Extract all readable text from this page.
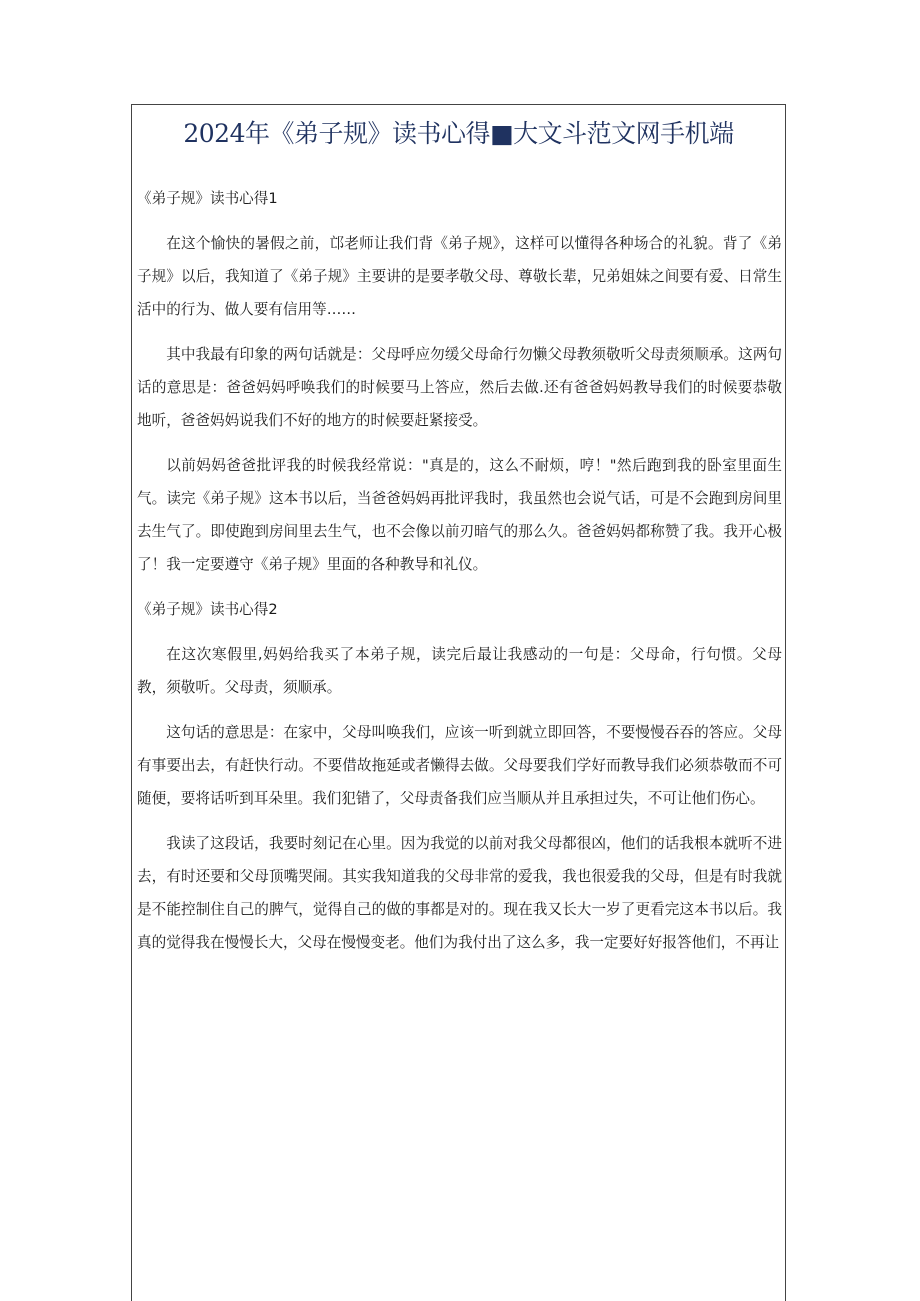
2024年《弟子规》读书心得■大文斗范文网手机端

《弟子规》读书心得1

在这个愉快的暑假之前，邙老师让我们背《弟子规》，这样可以懂得各种场合的礼貌。背了《弟子规》以后，我知道了《弟子规》主要讲的是要孝敬父母、尊敬长辈，兄弟姐妹之间要有爱、日常生活中的行为、做人要有信用等……

其中我最有印象的两句话就是：父母呼应勿缓父母命行勿懒父母教须敬听父母责须顺承。这两句话的意思是：爸爸妈妈呼唤我们的时候要马上答应，然后去做.还有爸爸妈妈教导我们的时候要恭敬地听，爸爸妈妈说我们不好的地方的时候要赶紧接受。

以前妈妈爸爸批评我的时候我经常说："真是的，这么不耐烦，哼！"然后跑到我的卧室里面生气。读完《弟子规》这本书以后，当爸爸妈妈再批评我时，我虽然也会说气话，可是不会跑到房间里去生气了。即使跑到房间里去生气，也不会像以前刃暗气的那么久。爸爸妈妈都称赞了我。我开心极了！我一定要遵守《弟子规》里面的各种教导和礼仪。

《弟子规》读书心得2

在这次寒假里,妈妈给我买了本弟子规，读完后最让我感动的一句是：父母命，行句惯。父母教，须敬听。父母责，须顺承。

这句话的意思是：在家中，父母叫唤我们，应该一听到就立即回答，不要慢慢吞吞的答应。父母有事要出去，有赶快行动。不要借故拖延或者懒得去做。父母要我们学好而教导我们必须恭敬而不可随便，要将话听到耳朵里。我们犯错了，父母责备我们应当顺从并且承担过失，不可让他们伤心。

我读了这段话，我要时刻记在心里。因为我觉的以前对我父母都很凶，他们的话我根本就听不进去，有时还要和父母顶嘴哭闹。其实我知道我的父母非常的爱我，我也很爱我的父母，但是有时我就是不能控制住自己的脾气，觉得自己的做的事都是对的。现在我又长大一岁了更看完这本书以后。我真的觉得我在慢慢长大，父母在慢慢变老。他们为我付出了这么多，我一定要好好报答他们，不再让
